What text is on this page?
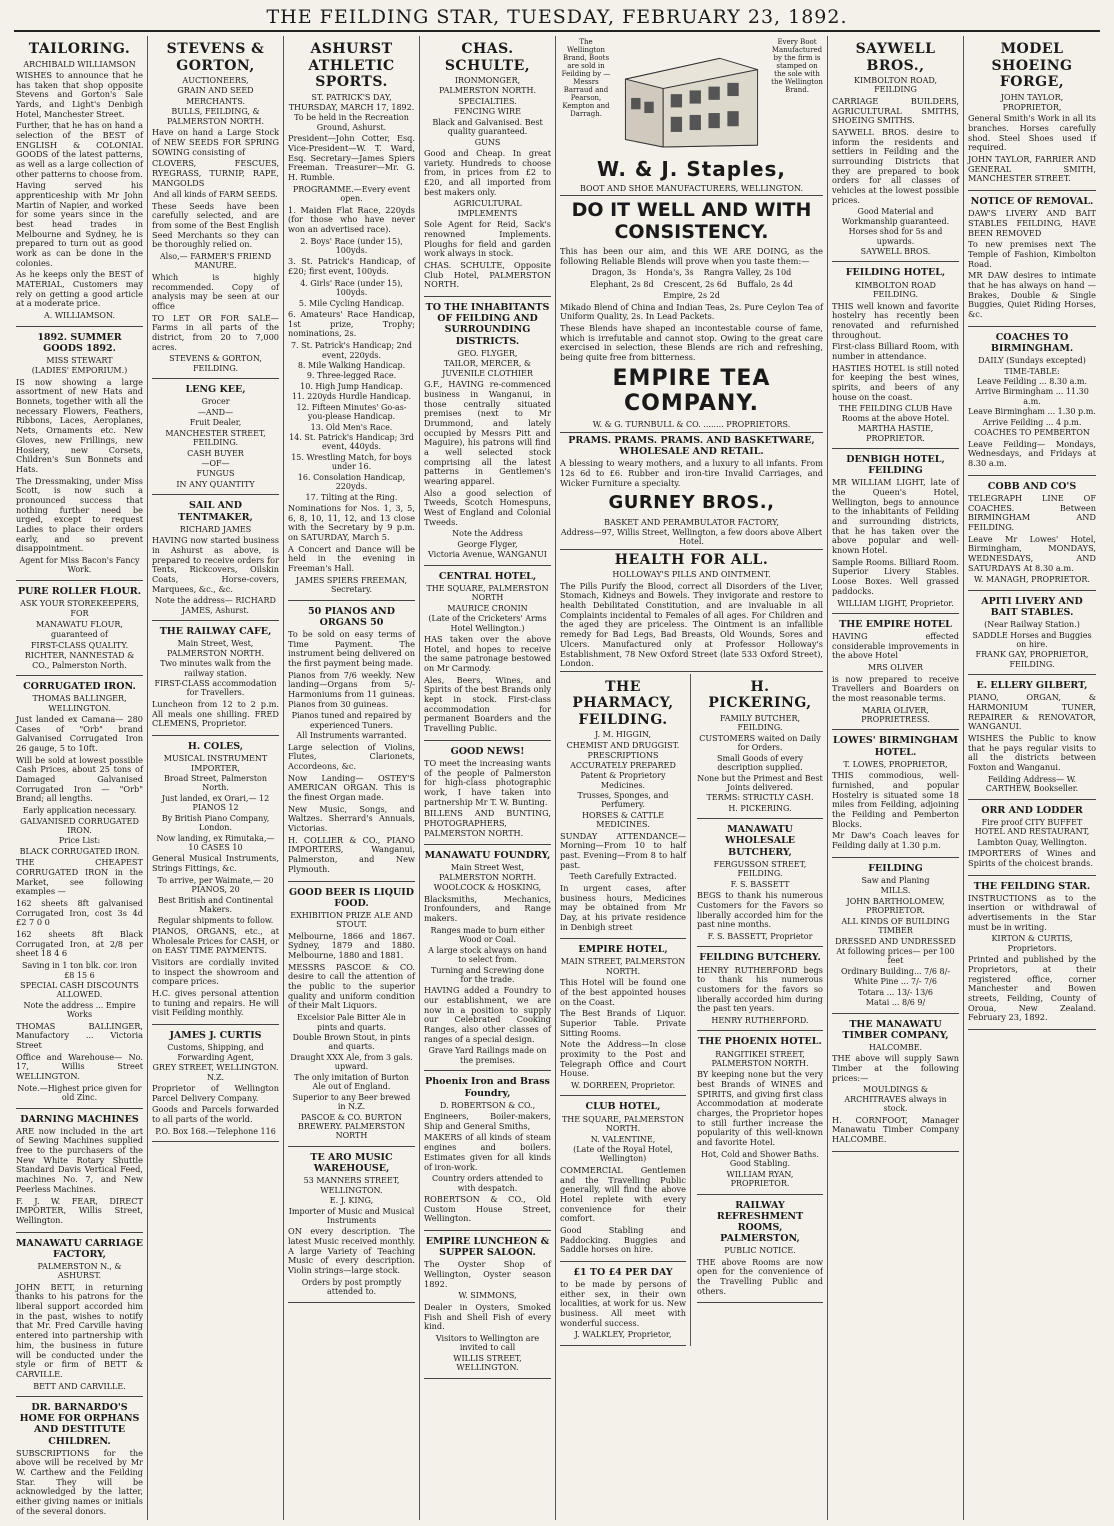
THE FEILDING STAR, TUESDAY, FEBRUARY 23, 1892.
TAILORING.
ARCHIBALD WILLIAMSON
WISHES to announce that he has taken that shop opposite Stevens and Gorton's Sale Yards, and Light's Denbigh Hotel, Manchester Street.
Further, that he has on hand a selection of the BEST of ENGLISH & COLONIAL GOODS of the latest patterns, as well as a large collection of other patterns to choose from.
Having served his apprenticeship with Mr John Martin of Napier, and worked for some years since in the best head trades in Melbourne and Sydney, he is prepared to turn out as good work as can be done in the colonies.
As he keeps only the BEST of MATERIAL, Customers may rely on getting a good article at a moderate price.
A. WILLIAMSON.
1892. SUMMER GOODS 1892.
MISS STEWART
(LADIES' EMPORIUM.)
IS now showing a large assortment of new Hats and Bonnets, together with all the necessary Flowers, Feathers, Ribbons, Laces, Aeroplanes, Nets, Ornaments etc. New Gloves, new Frillings, new Hosiery, new Corsets, Children's Sun Bonnets and Hats.
The Dressmaking, under Miss Scott, is now such a pronounced success that nothing further need be urged, except to request Ladies to place their orders early, and so prevent disappointment.
Agent for Miss Bacon's Fancy Work.
PURE ROLLER FLOUR.
ASK YOUR STOREKEEPERS,
FOR
MANAWATU FLOUR,
guaranteed of
FIRST-CLASS QUALITY.
RICHTER, NANNESTAD & CO., Palmerston North.
CORRUGATED IRON.
THOMAS BALLINGER, WELLINGTON.
Just landed ex Camana— 280 Cases of "Orb" brand Galvanised Corrugated Iron 26 gauge, 5 to 10ft.
Will be sold at lowest possible Cash Prices, about 25 tons of Damaged Galvanised Corrugated Iron — "Orb" Brand; all lengths.
Early application necessary.
GALVANISED CORRUGATED IRON.
Price List:
BLACK CORRUGATED IRON.
THE CHEAPEST CORRUGATED IRON in the Market, see following examples —
162 sheets 8ft galvanised Corrugated Iron, cost 3s 4d £2 7 0 0
162 sheets 8ft Black Corrugated Iron, at 2/8 per sheet 18 4 6
Saving in 1 ton blk. cor. iron £8 15 6
SPECIAL CASH DISCOUNTS ALLOWED.
Note the address ... Empire Works
THOMAS BALLINGER, Manufactory ... Victoria Street
Office and Warehouse— No. 17, Willis Street WELLINGTON.
Note.—Highest price given for old Zinc.
DARNING MACHINES
ARE now included in the art of Sewing Machines supplied free to the purchasers of the New White Rotary Shuttle Standard Davis Vertical Feed, machines No. 7, and New Peerless Machines.
F. J. W. FEAR, DIRECT IMPORTER, Willis Street, Wellington.
MANAWATU CARRIAGE FACTORY,
PALMERSTON N., & ASHURST.
JOHN BETT, in returning thanks to his patrons for the liberal support accorded him in the past, wishes to notify that Mr. Fred Carville having entered into partnership with him, the business in future will be conducted under the style or firm of BETT & CARVILLE.
BETT AND CARVILLE.
DR. BARNARDO'S HOME FOR ORPHANS AND DESTITUTE CHILDREN.
SUBSCRIPTIONS for the above will be received by Mr W. Carthew and the Feilding Star. They will be acknowledged by the latter, either giving names or initials of the several donors.
STEVENS & GORTON,
AUCTIONEERS,
GRAIN AND SEED
MERCHANTS.
BULLS, FEILDING, & PALMERSTON NORTH.
Have on hand a Large Stock of NEW SEEDS FOR SPRING SOWING consisting of
CLOVERS, FESCUES, RYEGRASS, TURNIP, RAPE, MANGOLDS
And all kinds of FARM SEEDS.
These Seeds have been carefully selected, and are from some of the Best English Seed Merchants so they can be thoroughly relied on.
Also,— FARMER'S FRIEND MANURE.
Which is highly recommended. Copy of analysis may be seen at our office
TO LET OR FOR SALE— Farms in all parts of the district, from 20 to 7,000 acres.
STEVENS & GORTON, FEILDING.
LENG KEE,
Grocer
—AND—
Fruit Dealer,
MANCHESTER STREET, FEILDING.
CASH BUYER
—OF—
FUNGUS
IN ANY QUANTITY
SAIL AND TENTMAKER,
RICHARD JAMES
HAVING now started business in Ashurst as above, is prepared to receive orders for Tents, Rickcovers, Oilskin Coats, Horse-covers, Marquees, &c., &c.
Note the address— RICHARD JAMES, Ashurst.
THE RAILWAY CAFE,
Main Street, West, PALMERSTON NORTH.
Two minutes walk from the railway station.
FIRST-CLASS accommodation for Travellers.
Luncheon from 12 to 2 p.m. All meals one shilling. FRED CLEMENS, Proprietor.
H. COLES,
MUSICAL INSTRUMENT IMPORTER,
Broad Street, Palmerston North.
Just landed, ex Orari,— 12 PIANOS 12
By British Piano Company, London.
Now landing, ex Rimutaka,— 10 CASES 10
General Musical Instruments, Strings Fittings, &c.
To arrive, per Waimate,— 20 PIANOS, 20
Best British and Continental Makers.
Regular shipments to follow.
PIANOS, ORGANS, etc., at Wholesale Prices for CASH, or on EASY TIME PAYMENTS.
Visitors are cordially invited to inspect the showroom and compare prices.
H.C. gives personal attention to tuning and repairs. He will visit Feilding monthly.
JAMES J. CURTIS
Customs, Shipping, and Forwarding Agent,
GREY STREET, WELLINGTON. N.Z.
Proprietor of Wellington Parcel Delivery Company.
Goods and Parcels forwarded to all parts of the world.
P.O. Box 168.—Telephone 116
ASHURST ATHLETIC SPORTS.
ST. PATRICK'S DAY,
THURSDAY, MARCH 17, 1892.
To be held in the Recreation Ground, Ashurst.
President—John Cotter, Esq. Vice-President—W. T. Ward, Esq. Secretary—James Spiers Freeman. Treasurer—Mr. G. H. Rumble.
PROGRAMME.—Every event open.
1. Maiden Flat Race, 220yds (for those who have never won an advertised race).
2. Boys' Race (under 15), 100yds.
3. St. Patrick's Handicap, of £20; first event, 100yds.
4. Girls' Race (under 15), 100yds.
5. Mile Cycling Handicap.
6. Amateurs' Race Handicap, 1st prize, Trophy; nominations, 2s.
7. St. Patrick's Handicap; 2nd event, 220yds.
8. Mile Walking Handicap.
9. Three-legged Race.
10. High Jump Handicap.
11. 220yds Hurdle Handicap.
12. Fifteen Minutes' Go-as-you-please Handicap.
13. Old Men's Race.
14. St. Patrick's Handicap; 3rd event, 440yds.
15. Wrestling Match, for boys under 16.
16. Consolation Handicap, 220yds.
17. Tilting at the Ring.
Nominations for Nos. 1, 3, 5, 6, 8, 10, 11, 12, and 13 close with the Secretary by 9 p.m. on SATURDAY, March 5.
A Concert and Dance will be held in the evening in Freeman's Hall.
JAMES SPIERS FREEMAN, Secretary.
50 PIANOS AND ORGANS 50
To be sold on easy terms of Time Payment. The instrument being delivered on the first payment being made.
Pianos from 7/6 weekly. New landing—Organs from 5/- Harmoniums from 11 guineas. Pianos from 30 guineas.
Pianos tuned and repaired by experienced Tuners.
All Instruments warranted.
Large selection of Violins, Flutes, Clarionets, Accordeons, &c.
Now Landing— OSTEY'S AMERICAN ORGAN. This is the finest Organ made.
New Music, Songs, and Waltzes. Sherrard's Annuals, Victorias.
H. COLLIER & CO., PIANO IMPORTERS, Wanganui, Palmerston, and New Plymouth.
GOOD BEER IS LIQUID FOOD.
EXHIBITION PRIZE ALE AND STOUT.
Melbourne, 1866 and 1867. Sydney, 1879 and 1880. Melbourne, 1880 and 1881.
MESSRS PASCOE & CO. desire to call the attention of the public to the superior quality and uniform condition of their Malt Liquors.
Excelsior Pale Bitter Ale in pints and quarts.
Double Brown Stout, in pints and quarts.
Draught XXX Ale, from 3 gals. upward.
The only imitation of Burton Ale out of England.
Superior to any Beer brewed in N.Z.
PASCOE & CO. BURTON BREWERY. PALMERSTON NORTH
TE ARO MUSIC WAREHOUSE,
53 MANNERS STREET, WELLINGTON.
E. J. KING,
Importer of Music and Musical Instruments
ON every description. The latest Music received monthly. A large Variety of Teaching Music of every description. Violin strings—large stock.
Orders by post promptly attended to.
CHAS. SCHULTE,
IRONMONGER,
PALMERSTON NORTH.
SPECIALTIES.
FENCING WIRE
Black and Galvanised. Best quality guaranteed.
GUNS
Good and Cheap. In great variety. Hundreds to choose from, in prices from £2 to £20, and all imported from best makers only.
AGRICULTURAL IMPLEMENTS
Sole Agent for Reid, Sack's renowned Implements. Ploughs for field and garden work always in stock.
CHAS. SCHULTE, Opposite Club Hotel, PALMERSTON NORTH.
TO THE INHABITANTS OF FEILDING AND SURROUNDING DISTRICTS.
GEO. FLYGER,
TAILOR, MERCER, & JUVENILE CLOTHIER
G.F., HAVING re-commenced business in Wanganui, in those centrally situated premises (next to Mr Drummond, and lately occupied by Messrs Pitt and Maguire), his patrons will find a well selected stock comprising all the latest patterns in Gentlemen's wearing apparel.
Also a good selection of Tweeds, Scotch Homespuns, West of England and Colonial Tweeds.
Note the Address
George Flyger,
Victoria Avenue, WANGANUI
CENTRAL HOTEL,
THE SQUARE, PALMERSTON NORTH
MAURICE CRONIN
(Late of the Cricketers' Arms Hotel Wellington.)
HAS taken over the above Hotel, and hopes to receive the same patronage bestowed on Mr Carmody.
Ales, Beers, Wines, and Spirits of the best Brands only kept in stock. First-class accommodation for permanent Boarders and the Travelling Public.
GOOD NEWS!
TO meet the increasing wants of the people of Palmerston for high-class photographic work, I have taken into partnership Mr T. W. Bunting.
BILLENS AND BUNTING, PHOTOGRAPHERS, PALMERSTON NORTH.
MANAWATU FOUNDRY,
Main Street West, PALMERSTON NORTH.
WOOLCOCK & HOSKING,
Blacksmiths, Mechanics, Ironfounders, and Range makers.
Ranges made to burn either Wood or Coal.
A large stock always on hand to select from.
Turning and Screwing done for the trade.
HAVING added a Foundry to our establishment, we are now in a position to supply our Celebrated Cooking Ranges, also other classes of ranges of a special design.
Grave Yard Railings made on the premises.
Phoenix Iron and Brass Foundry,
D. ROBERTSON & CO.,
Engineers, Boiler-makers, Ship and General Smiths,
MAKERS of all kinds of steam engines and boilers. Estimates given for all kinds of iron-work.
Country orders attended to with despatch.
ROBERTSON & CO., Old Custom House Street, Wellington.
EMPIRE LUNCHEON & SUPPER SALOON.
The Oyster Shop of Wellington, Oyster season 1892.
W. SIMMONS,
Dealer in Oysters, Smoked Fish and Shell Fish of every kind.
Visitors to Wellington are invited to call
WILLIS STREET, WELLINGTON.
The Wellington Brand, Boots are sold in Feilding by — Messrs Barraud and Pearson, Kempton and Darragh.
Every Boot Manufactured by the firm is stamped on the sole with the Wellington Brand.
W. & J. Staples,
BOOT AND SHOE MANUFACTURERS, WELLINGTON.
DO IT WELL AND WITH CONSISTENCY.
This has been our aim, and this WE ARE DOING, as the following Reliable Blends will prove when you taste them:—
Dragon, 3s Honda's, 3s Rangra Valley, 2s 10d
Elephant, 2s 8d Crescent, 2s 6d Buffalo, 2s 4d
Empire, 2s 2d
Mikado Blend of China and Indian Teas, 2s. Pure Ceylon Tea of Uniform Quality, 2s. In Lead Packets.
These Blends have shaped an incontestable course of fame, which is irrefutable and cannot stop. Owing to the great care exercised in selection, these Blends are rich and refreshing, being quite free from bitterness.
EMPIRE TEA COMPANY.
W. & G. TURNBULL & CO. ........ PROPRIETORS.
PRAMS. PRAMS. PRAMS. AND BASKETWARE, WHOLESALE AND RETAIL.
A blessing to weary mothers, and a luxury to all infants. From 12s 6d to £6. Rubber and iron-tire Invalid Carriages, and Wicker Furniture a specialty.
GURNEY BROS.,
BASKET AND PERAMBULATOR FACTORY,
Address—97, Willis Street, Wellington, a few doors above Albert Hotel.
HEALTH FOR ALL.
HOLLOWAY'S PILLS AND OINTMENT.
The Pills Purify the Blood, correct all Disorders of the Liver, Stomach, Kidneys and Bowels. They invigorate and restore to health Debilitated Constitution, and are invaluable in all Complaints incidental to Females of all ages. For Children and the aged they are priceless. The Ointment is an infallible remedy for Bad Legs, Bad Breasts, Old Wounds, Sores and Ulcers. Manufactured only at Professor Holloway's Establishment, 78 New Oxford Street (late 533 Oxford Street), London.
THE PHARMACY, FEILDING.
J. M. HIGGIN,
CHEMIST AND DRUGGIST.
PRESCRIPTIONS ACCURATELY PREPARED
Patent & Proprietory Medicines.
Trusses, Sponges, and Perfumery.
HORSES & CATTLE MEDICINES.
SUNDAY ATTENDANCE— Morning—From 10 to half past. Evening—From 8 to half past.
Teeth Carefully Extracted.
In urgent cases, after business hours, Medicines may be obtained from Mr Day, at his private residence in Denbigh street
EMPIRE HOTEL,
MAIN STREET, PALMERSTON NORTH.
This Hotel will be found one of the best appointed houses on the Coast.
The Best Brands of Liquor. Superior Table. Private Sitting Rooms.
Note the Address—In close proximity to the Post and Telegraph Office and Court House.
W. DORREEN, Proprietor.
CLUB HOTEL,
THE SQUARE, PALMERSTON NORTH.
N. VALENTINE,
(Late of the Royal Hotel, Wellington)
COMMERCIAL Gentlemen and the Travelling Public generally, will find the above Hotel replete with every convenience for their comfort.
Good Stabling and Paddocking. Buggies and Saddle horses on hire.
£1 TO £4 PER DAY
to be made by persons of either sex, in their own localities, at work for us. New business. All meet with wonderful success.
J. WALKLEY, Proprietor,
H. PICKERING,
FAMILY BUTCHER, FEILDING.
CUSTOMERS waited on Daily for Orders.
Small Goods of every description supplied.
None but the Primest and Best Joints delivered.
TERMS: STRICTLY CASH.
H. PICKERING.
MANAWATU WHOLESALE BUTCHERY,
FERGUSSON STREET, FEILDING.
F. S. BASSETT
BEGS to thank his numerous Customers for the Favors so liberally accorded him for the past nine months.
F. S. BASSETT, Proprietor
FEILDING BUTCHERY.
HENRY RUTHERFORD begs to thank his numerous customers for the favors so liberally accorded him during the past ten years.
HENRY RUTHERFORD.
THE PHOENIX HOTEL.
RANGITIKEI STREET, PALMERSTON NORTH.
BY keeping none but the very best Brands of WINES and SPIRITS, and giving first class Accommodation at moderate charges, the Proprietor hopes to still further increase the popularity of this well-known and favorite Hotel.
Hot, Cold and Shower Baths. Good Stabling.
WILLIAM RYAN, PROPRIETOR.
RAILWAY REFRESHMENT ROOMS, PALMERSTON,
PUBLIC NOTICE.
THE above Rooms are now open for the convenience of the Travelling Public and others.
SAYWELL BROS.,
KIMBOLTON ROAD, FEILDING
CARRIAGE BUILDERS, AGRICULTURAL SMITHS, SHOEING SMITHS.
SAYWELL BROS. desire to inform the residents and settlers in Feilding and the surrounding Districts that they are prepared to book orders for all classes of vehicles at the lowest possible prices.
Good Material and Workmanship guaranteed.
Horses shod for 5s and upwards.
SAYWELL BROS.
FEILDING HOTEL,
KIMBOLTON ROAD FEILDING.
THIS well known and favorite hostelry has recently been renovated and refurnished throughout.
First-class Billiard Room, with number in attendance.
HASTIES HOTEL is still noted for keeping the best wines, spirits, and beers of any house on the coast.
THE FEILDING CLUB Have Rooms at the above Hotel.
MARTHA HASTIE, PROPRIETOR.
DENBIGH HOTEL, FEILDING
MR WILLIAM LIGHT, late of the Queen's Hotel, Wellington, begs to announce to the inhabitants of Feilding and surrounding districts, that he has taken over the above popular and well-known Hotel.
Sample Rooms. Billiard Room. Superior Livery Stables. Loose Boxes. Well grassed paddocks.
WILLIAM LIGHT, Proprietor.
THE EMPIRE HOTEL
HAVING effected considerable improvements in the above Hotel
MRS OLIVER
is now prepared to receive Travellers and Boarders on the most reasonable terms.
MARIA OLIVER, PROPRIETRESS.
LOWES' BIRMINGHAM HOTEL.
T. LOWES, PROPRIETOR,
THIS commodious, well-furnished, and popular Hostelry is situated some 18 miles from Feilding, adjoining the Feilding and Pemberton Blocks.
Mr Daw's Coach leaves for Feilding daily at 1.30 p.m.
FEILDING
Saw and Planing
MILLS.
JOHN BARTHOLOMEW, PROPRIETOR.
ALL KINDS OF BUILDING TIMBER
DRESSED AND UNDRESSED
At following prices— per 100 feet
Ordinary Building... 7/6 8/-
White Pine ... 7/- 7/6
Totara ... 13/- 13/6
Matai ... 8/6 9/
THE MANAWATU TIMBER COMPANY,
HALCOMBE.
THE above will supply Sawn Timber at the following prices:—
MOULDINGS & ARCHITRAVES always in stock.
H. CORNFOOT, Manager Manawatu Timber Company HALCOMBE.
MODEL SHOEING FORGE,
JOHN TAYLOR,
PROPRIETOR,
General Smith's Work in all its branches. Horses carefully shod. Steel Shoes used if required.
JOHN TAYLOR, FARRIER AND GENERAL SMITH, MANCHESTER STREET.
NOTICE OF REMOVAL.
DAW'S LIVERY AND BAIT STABLES FEILDING, HAVE BEEN REMOVED
To new premises next The Temple of Fashion, Kimbolton Road.
MR DAW desires to intimate that he has always on hand —Brakes, Double & Single Buggies, Quiet Riding Horses, &c.
COACHES TO BIRMINGHAM.
DAILY (Sundays excepted)
TIME-TABLE:
Leave Feilding ... 8.30 a.m.
Arrive Birmingham ... 11.30 a.m.
Leave Birmingham ... 1.30 p.m.
Arrive Feilding ... 4 p.m.
COACHES TO PEMBERTON
Leave Feilding— Mondays, Wednesdays, and Fridays at 8.30 a.m.
COBB AND CO'S
TELEGRAPH LINE OF COACHES. Between BIRMINGHAM AND FEILDING.
Leave Mr Lowes' Hotel, Birmingham, MONDAYS, WEDNESDAYS, AND SATURDAYS At 8.30 a.m.
W. MANAGH, PROPRIETOR.
APITI LIVERY AND BAIT STABLES.
(Near Railway Station.)
SADDLE Horses and Buggies on hire.
FRANK GAY, PROPRIETOR, FEILDING.
E. ELLERY GILBERT,
PIANO, ORGAN, & HARMONIUM TUNER, REPAIRER & RENOVATOR, WANGANUI.
WISHES the Public to know that he pays regular visits to all the districts between Foxton and Wanganui.
Feilding Address— W. CARTHEW, Bookseller.
ORR AND LODDER
Fire proof CITY BUFFET HOTEL AND RESTAURANT,
Lambton Quay, Wellington.
IMPORTERS of Wines and Spirits of the choicest brands.
THE FEILDING STAR.
INSTRUCTIONS as to the insertion or withdrawal of advertisements in the Star must be in writing.
KIRTON & CURTIS, Proprietors.
Printed and published by the Proprietors, at their registered office, corner Manchester and Bowen streets, Feilding, County of Oroua, New Zealand. February 23, 1892.
